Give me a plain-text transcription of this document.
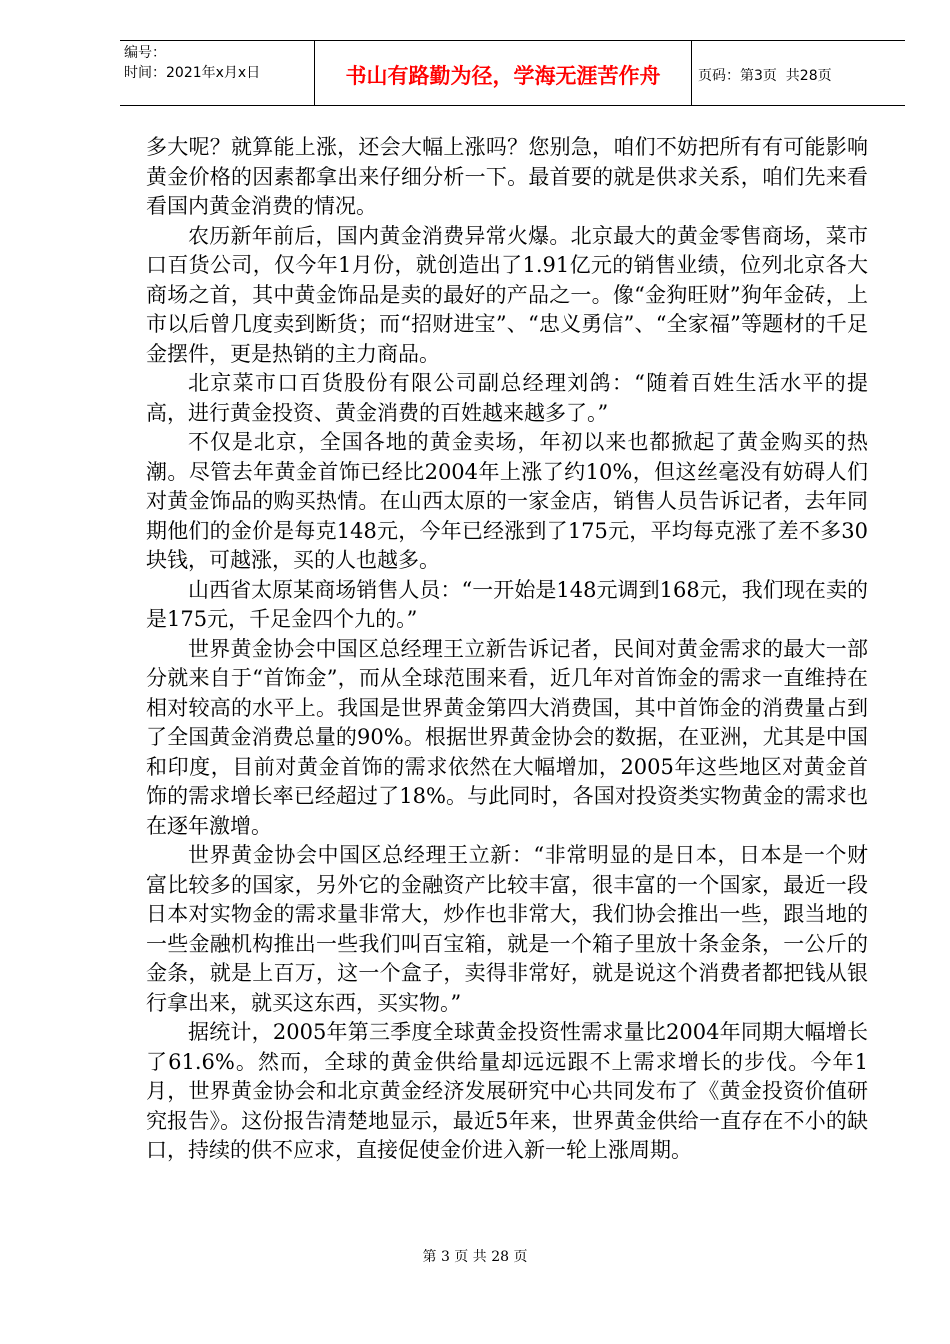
编号：
时间：2021年x月x日	书山有路勤为径，学海无涯苦作舟	页码：第3页  共28页

多大呢？就算能上涨，还会大幅上涨吗？您别急，咱们不妨把所有有可能影响黄金价格的因素都拿出来仔细分析一下。最首要的就是供求关系，咱们先来看看国内黄金消费的情况。

农历新年前后，国内黄金消费异常火爆。北京最大的黄金零售商场，菜市口百货公司，仅今年1月份，就创造出了1.91亿元的销售业绩，位列北京各大商场之首，其中黄金饰品是卖的最好的产品之一。像“金狗旺财”狗年金砖，上市以后曾几度卖到断货；而“招财进宝”、“忠义勇信”、“全家福”等题材的千足金摆件，更是热销的主力商品。

北京菜市口百货股份有限公司副总经理刘鸽：“随着百姓生活水平的提高，进行黄金投资、黄金消费的百姓越来越多了。”

不仅是北京，全国各地的黄金卖场，年初以来也都掀起了黄金购买的热潮。尽管去年黄金首饰已经比2004年上涨了约10%，但这丝毫没有妨碍人们对黄金饰品的购买热情。在山西太原的一家金店，销售人员告诉记者，去年同期他们的金价是每克148元，今年已经涨到了175元，平均每克涨了差不多30块钱，可越涨，买的人也越多。

山西省太原某商场销售人员：“一开始是148元调到168元，我们现在卖的是175元，千足金四个九的。”

世界黄金协会中国区总经理王立新告诉记者，民间对黄金需求的最大一部分就来自于“首饰金”，而从全球范围来看，近几年对首饰金的需求一直维持在相对较高的水平上。我国是世界黄金第四大消费国，其中首饰金的消费量占到了全国黄金消费总量的90%。根据世界黄金协会的数据，在亚洲，尤其是中国和印度，目前对黄金首饰的需求依然在大幅增加，2005年这些地区对黄金首饰的需求增长率已经超过了18%。与此同时，各国对投资类实物黄金的需求也在逐年激增。

世界黄金协会中国区总经理王立新：“非常明显的是日本，日本是一个财富比较多的国家，另外它的金融资产比较丰富，很丰富的一个国家，最近一段日本对实物金的需求量非常大，炒作也非常大，我们协会推出一些，跟当地的一些金融机构推出一些我们叫百宝箱，就是一个箱子里放十条金条，一公斤的金条，就是上百万，这一个盒子，卖得非常好，就是说这个消费者都把钱从银行拿出来，就买这东西，买实物。”

据统计，2005年第三季度全球黄金投资性需求量比2004年同期大幅增长了61.6%。然而，全球的黄金供给量却远远跟不上需求增长的步伐。今年1月，世界黄金协会和北京黄金经济发展研究中心共同发布了《黄金投资价值研究报告》。这份报告清楚地显示，最近5年来，世界黄金供给一直存在不小的缺口，持续的供不应求，直接促使金价进入新一轮上涨周期。

第 3 页 共 28 页
